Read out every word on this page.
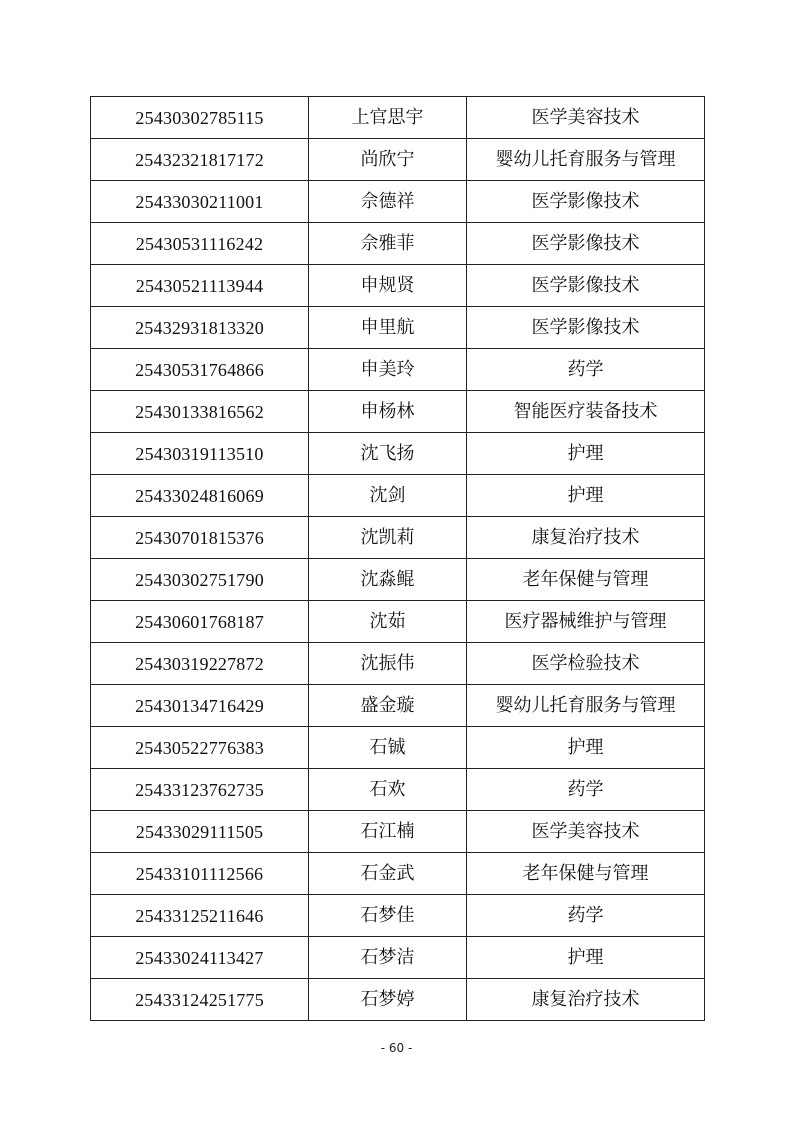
25430302785115	上官思宇	医学美容技术
25432321817172	尚欣宁	婴幼儿托育服务与管理
25433030211001	佘德祥	医学影像技术
25430531116242	佘雅菲	医学影像技术
25430521113944	申规贤	医学影像技术
25432931813320	申里航	医学影像技术
25430531764866	申美玲	药学
25430133816562	申杨林	智能医疗装备技术
25430319113510	沈飞扬	护理
25433024816069	沈剑	护理
25430701815376	沈凯莉	康复治疗技术
25430302751790	沈淼鲲	老年保健与管理
25430601768187	沈茹	医疗器械维护与管理
25430319227872	沈振伟	医学检验技术
25430134716429	盛金璇	婴幼儿托育服务与管理
25430522776383	石铖	护理
25433123762735	石欢	药学
25433029111505	石江楠	医学美容技术
25433101112566	石金武	老年保健与管理
25433125211646	石梦佳	药学
25433024113427	石梦洁	护理
25433124251775	石梦婷	康复治疗技术
- 60 -
